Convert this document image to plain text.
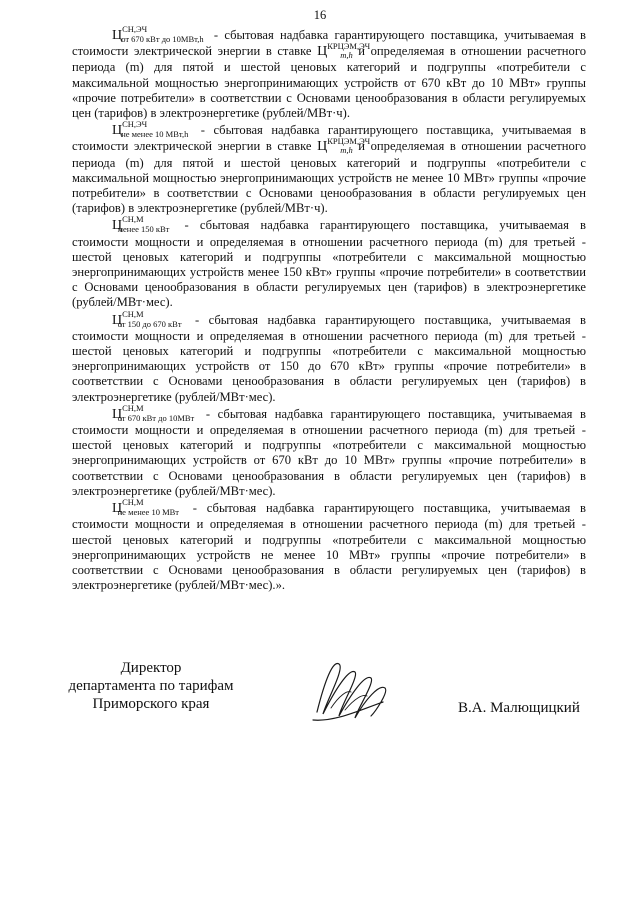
16

$Ц^{СН,ЭЧ}_{от 670 кВт до 10МВт,h}$ - сбытовая надбавка гарантирующего поставщика, учитываемая в стоимости электрической энергии в ставке $Ц^{КРЦЭМ,ЭЧ}_{m,h}$ и определяемая в отношении расчетного периода (m) для пятой и шестой ценовых категорий и подгруппы «потребители с максимальной мощностью энергопринимающих устройств от 670 кВт до 10 МВт» группы «прочие потребители» в соответствии с Основами ценообразования в области регулируемых цен (тарифов) в электроэнергетике (рублей/МВт·ч).

$Ц^{СН,ЭЧ}_{не менее 10 МВт,h}$ - сбытовая надбавка гарантирующего поставщика, учитываемая в стоимости электрической энергии в ставке $Ц^{КРЦЭМ,ЭЧ}_{m,h}$ и определяемая в отношении расчетного периода (m) для пятой и шестой ценовых категорий и подгруппы «потребители с максимальной мощностью энергопринимающих устройств не менее 10 МВт» группы «прочие потребители» в соответствии с Основами ценообразования в области регулируемых цен (тарифов) в электроэнергетике (рублей/МВт·ч).

$Ц^{СН,М}_{менее 150 кВт}$ - сбытовая надбавка гарантирующего поставщика, учитываемая в стоимости мощности и определяемая в отношении расчетного периода (m) для третьей - шестой ценовых категорий и подгруппы «потребители с максимальной мощностью энергопринимающих устройств менее 150 кВт» группы «прочие потребители» в соответствии с Основами ценообразования в области регулируемых цен (тарифов) в электроэнергетике (рублей/МВт·мес).

$Ц^{СН,М}_{от 150 до 670 кВт}$ - сбытовая надбавка гарантирующего поставщика, учитываемая в стоимости мощности и определяемая в отношении расчетного периода (m) для третьей - шестой ценовых категорий и подгруппы «потребители с максимальной мощностью энергопринимающих устройств от 150 до 670 кВт» группы «прочие потребители» в соответствии с Основами ценообразования в области регулируемых цен (тарифов) в электроэнергетике (рублей/МВт·мес).

$Ц^{СН,М}_{от 670 кВт до 10МВт}$ - сбытовая надбавка гарантирующего поставщика, учитываемая в стоимости мощности и определяемая в отношении расчетного периода (m) для третьей - шестой ценовых категорий и подгруппы «потребители с максимальной мощностью энергопринимающих устройств от 670 кВт до 10 МВт» группы «прочие потребители» в соответствии с Основами ценообразования в области регулируемых цен (тарифов) в электроэнергетике (рублей/МВт·мес).

$Ц^{СН,М}_{не менее 10 МВт}$ - сбытовая надбавка гарантирующего поставщика, учитываемая в стоимости мощности и определяемая в отношении расчетного периода (m) для третьей - шестой ценовых категорий и подгруппы «потребители с максимальной мощностью энергопринимающих устройств не менее 10 МВт» группы «прочие потребители» в соответствии с Основами ценообразования в области регулируемых цен (тарифов) в электроэнергетике (рублей/МВт·мес).».

Директор
департамента по тарифам
Приморского края	В.А. Малющицкий
